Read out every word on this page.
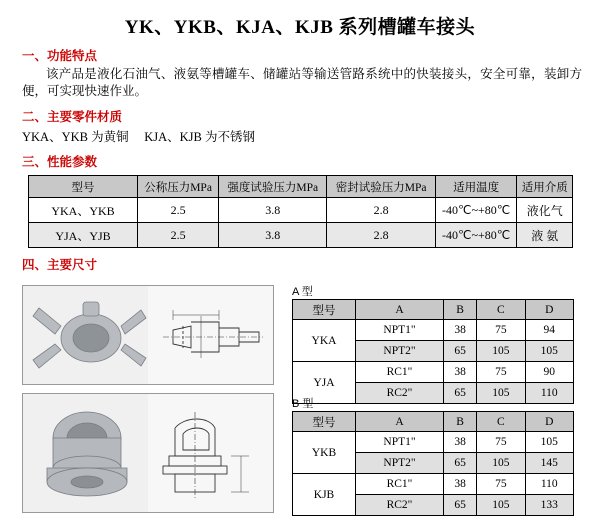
YK、YKB、KJA、KJB 系列槽罐车接头
一、功能特点
该产品是液化石油气、液氨等槽罐车、储罐站等输送管路系统中的快装接头，安全可靠，装卸方便，可实现快速作业。
二、主要零件材质
YKA、YKB 为黄铜     KJA、KJB 为不锈钢
三、性能参数
型号	公称压力MPa	强度试验压力MPa	密封试验压力MPa	适用温度	适用介质
YKA、YKB	2.5	3.8	2.8	-40℃~+80℃	液化气
YJA、YJB	2.5	3.8	2.8	-40℃~+80℃	液 氨
四、主要尺寸
A 型
型号	A	B	C	D
YKA	NPT1"	38	75	94
	NPT2"	65	105	105
YJA	RC1"	38	75	90
	RC2"	65	105	110
B 型
型号	A	B	C	D
YKB	NPT1"	38	75	105
	NPT2"	65	105	145
KJB	RC1"	38	75	110
	RC2"	65	105	133
